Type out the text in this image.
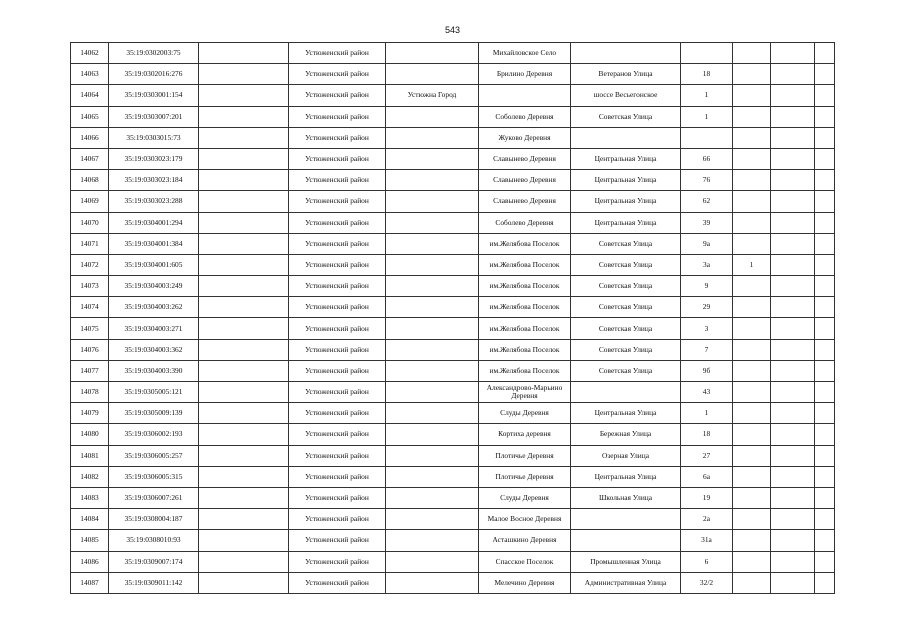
543
14062	35:19:0302003:75		Устюженский район		Михайловское Село					
14063	35:19:0302016:276		Устюженский район		Брилино Деревня	Ветеранов Улица	18			
14064	35:19:0303001:154		Устюженский район	Устюжна Город		шоссе Весьегонское	1			
14065	35:19:0303007:201		Устюженский район		Соболево Деревня	Советская Улица	1			
14066	35:19:0303015:73		Устюженский район		Жуково Деревня					
14067	35:19:0303023:179		Устюженский район		Славынево Деревня	Центральная Улица	66			
14068	35:19:0303023:184		Устюженский район		Славынево Деревня	Центральная Улица	76			
14069	35:19:0303023:288		Устюженский район		Славынево Деревня	Центральная Улица	62			
14070	35:19:0304001:294		Устюженский район		Соболево Деревня	Центральная Улица	39			
14071	35:19:0304001:384		Устюженский район		им.Желябова Поселок	Советская Улица	9а			
14072	35:19:0304001:605		Устюженский район		им.Желябова Поселок	Советская Улица	3а	1		
14073	35:19:0304003:249		Устюженский район		им.Желябова Поселок	Советская Улица	9			
14074	35:19:0304003:262		Устюженский район		им.Желябова Поселок	Советская Улица	29			
14075	35:19:0304003:271		Устюженский район		им.Желябова Поселок	Советская Улица	3			
14076	35:19:0304003:362		Устюженский район		им.Желябова Поселок	Советская Улица	7			
14077	35:19:0304003:390		Устюженский район		им.Желябова Поселок	Советская Улица	9б			
14078	35:19:0305005:121		Устюженский район		Александрово-Марьино Деревня		43			
14079	35:19:0305009:139		Устюженский район		Слуды Деревня	Центральная Улица	1			
14080	35:19:0306002:193		Устюженский район		Кортиха деревня	Бережная Улица	18			
14081	35:19:0306005:257		Устюженский район		Плотичье Деревня	Озерная Улица	27			
14082	35:19:0306005:315		Устюженский район		Плотичье Деревня	Центральная Улица	6а			
14083	35:19:0306007:261		Устюженский район		Слуды Деревня	Школьная Улица	19			
14084	35:19:0308004:187		Устюженский район		Малое Восное Деревня		2а			
14085	35:19:0308010:93		Устюженский район		Асташкино Деревня		31а			
14086	35:19:0309007:174		Устюженский район		Спасское Поселок	Промышленная Улица	6			
14087	35:19:0309011:142		Устюженский район		Мелечино Деревня	Административная Улица	32/2			
